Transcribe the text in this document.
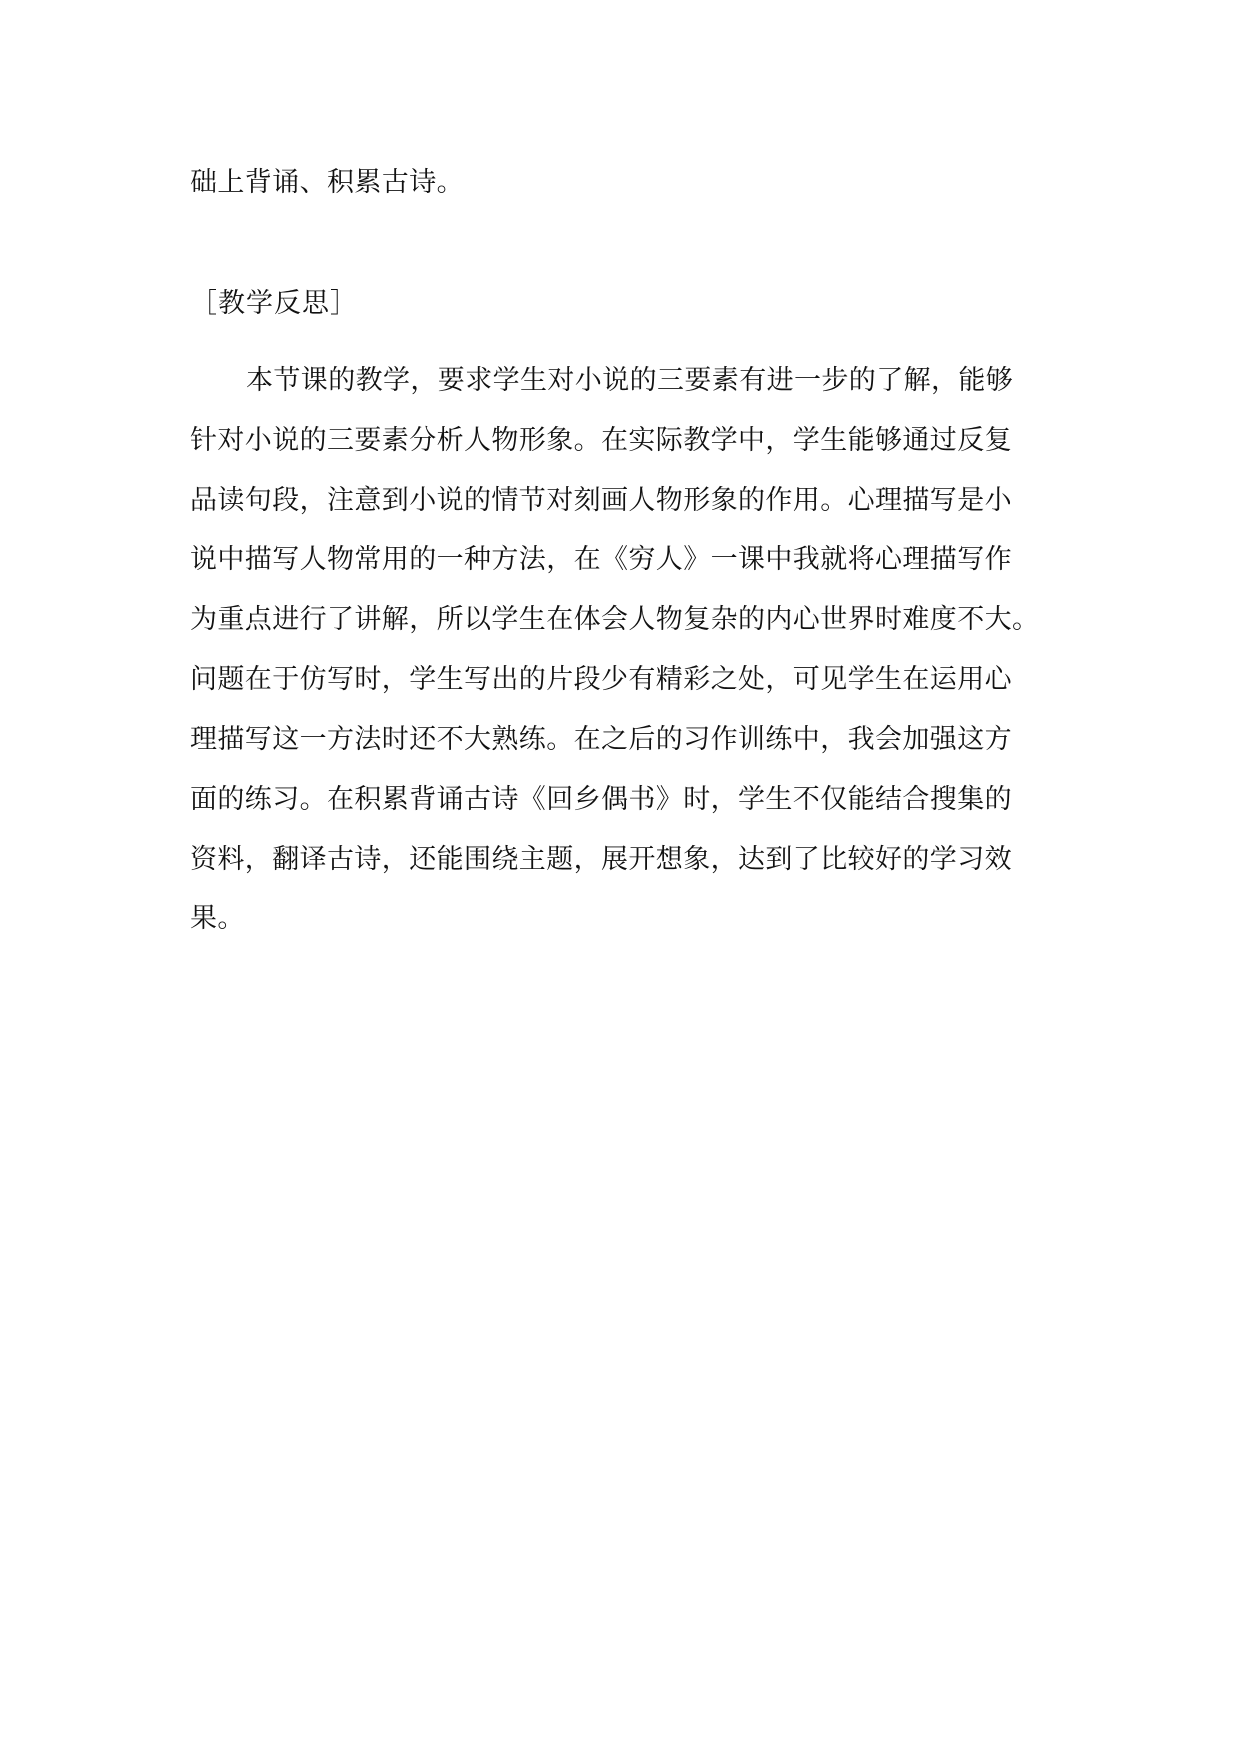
础上背诵、积累古诗。
［教学反思］
本节课的教学，要求学生对小说的三要素有进一步的了解，能够
针对小说的三要素分析人物形象。在实际教学中，学生能够通过反复
品读句段，注意到小说的情节对刻画人物形象的作用。心理描写是小
说中描写人物常用的一种方法，在《穷人》一课中我就将心理描写作
为重点进行了讲解，所以学生在体会人物复杂的内心世界时难度不大。
问题在于仿写时，学生写出的片段少有精彩之处，可见学生在运用心
理描写这一方法时还不大熟练。在之后的习作训练中，我会加强这方
面的练习。在积累背诵古诗《回乡偶书》时，学生不仅能结合搜集的
资料，翻译古诗，还能围绕主题，展开想象，达到了比较好的学习效
果。
